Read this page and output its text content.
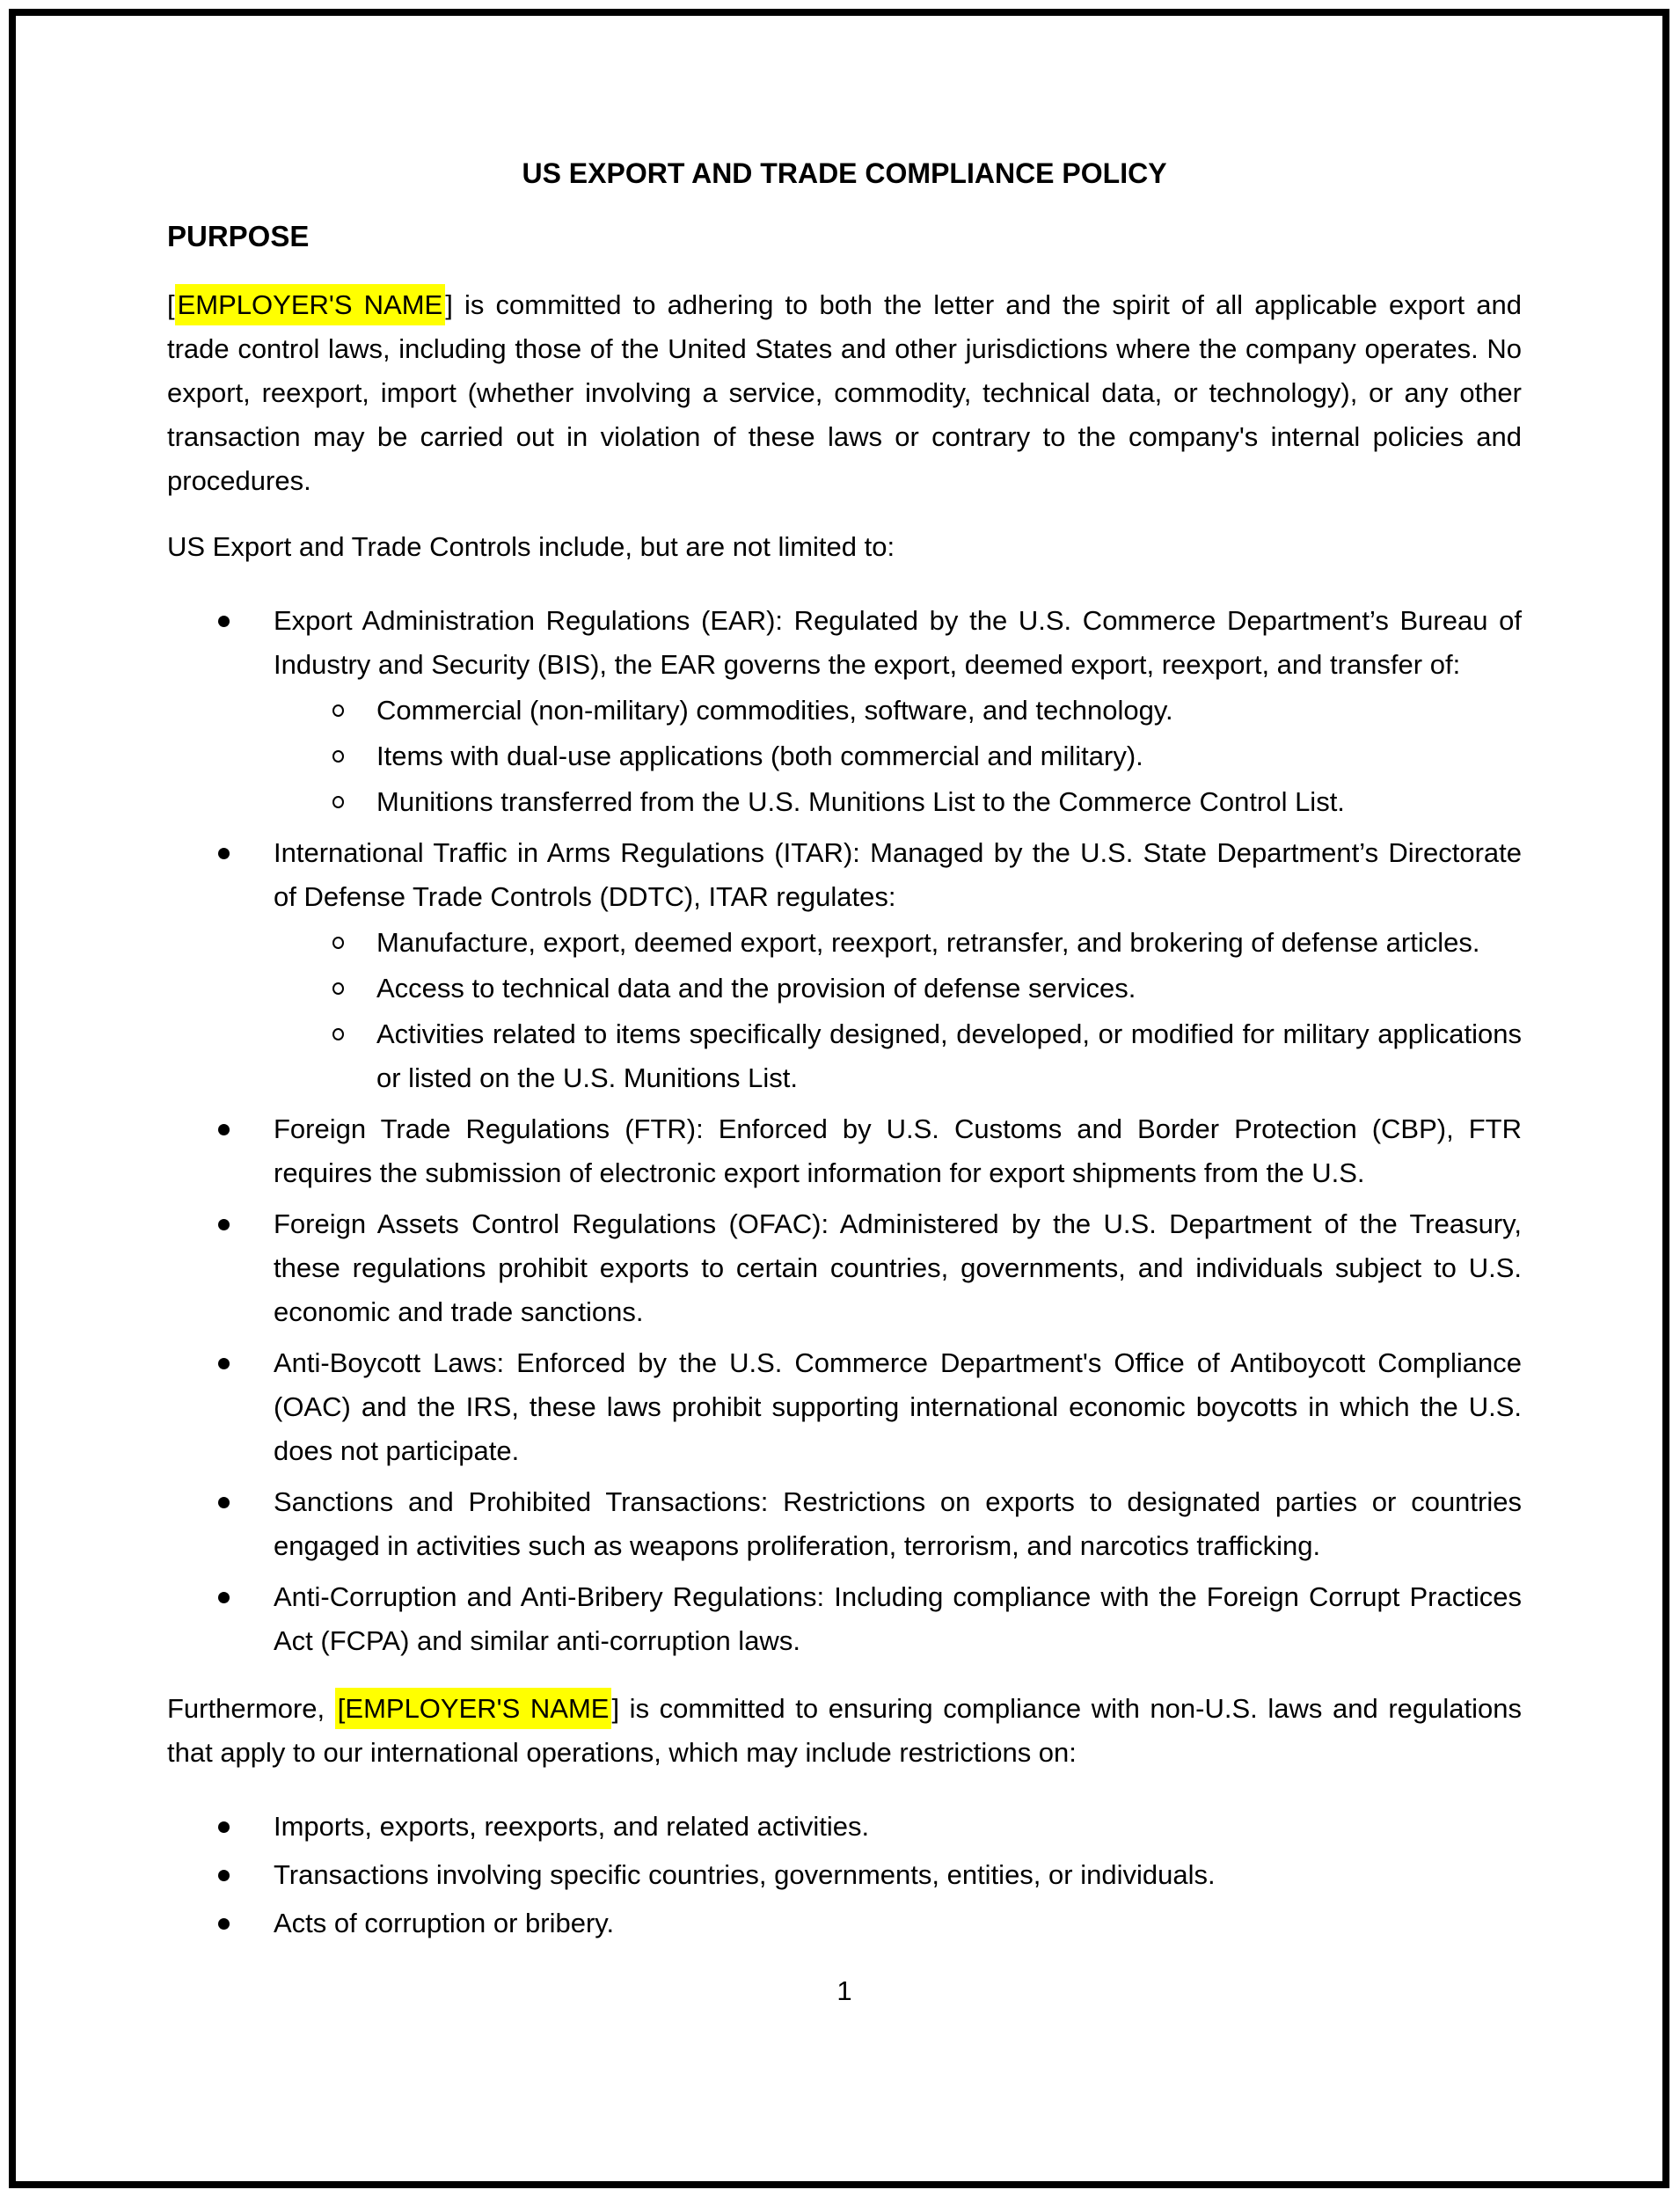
US EXPORT AND TRADE COMPLIANCE POLICY
PURPOSE

[EMPLOYER'S NAME] is committed to adhering to both the letter and the spirit of all applicable export and trade control laws, including those of the United States and other jurisdictions where the company operates. No export, reexport, import (whether involving a service, commodity, technical data, or technology), or any other transaction may be carried out in violation of these laws or contrary to the company's internal policies and procedures.

US Export and Trade Controls include, but are not limited to:

Export Administration Regulations (EAR): Regulated by the U.S. Commerce Department’s Bureau of Industry and Security (BIS), the EAR governs the export, deemed export, reexport, and transfer of:
Commercial (non-military) commodities, software, and technology.
Items with dual-use applications (both commercial and military).
Munitions transferred from the U.S. Munitions List to the Commerce Control List.
International Traffic in Arms Regulations (ITAR): Managed by the U.S. State Department’s Directorate of Defense Trade Controls (DDTC), ITAR regulates:
Manufacture, export, deemed export, reexport, retransfer, and brokering of defense articles.
Access to technical data and the provision of defense services.
Activities related to items specifically designed, developed, or modified for military applications or listed on the U.S. Munitions List.
Foreign Trade Regulations (FTR): Enforced by U.S. Customs and Border Protection (CBP), FTR requires the submission of electronic export information for export shipments from the U.S.
Foreign Assets Control Regulations (OFAC): Administered by the U.S. Department of the Treasury, these regulations prohibit exports to certain countries, governments, and individuals subject to U.S. economic and trade sanctions.
Anti-Boycott Laws: Enforced by the U.S. Commerce Department's Office of Antiboycott Compliance (OAC) and the IRS, these laws prohibit supporting international economic boycotts in which the U.S. does not participate.
Sanctions and Prohibited Transactions: Restrictions on exports to designated parties or countries engaged in activities such as weapons proliferation, terrorism, and narcotics trafficking.
Anti-Corruption and Anti-Bribery Regulations: Including compliance with the Foreign Corrupt Practices Act (FCPA) and similar anti-corruption laws.

Furthermore, [EMPLOYER'S NAME] is committed to ensuring compliance with non-U.S. laws and regulations that apply to our international operations, which may include restrictions on:

Imports, exports, reexports, and related activities.
Transactions involving specific countries, governments, entities, or individuals.
Acts of corruption or bribery.
1
